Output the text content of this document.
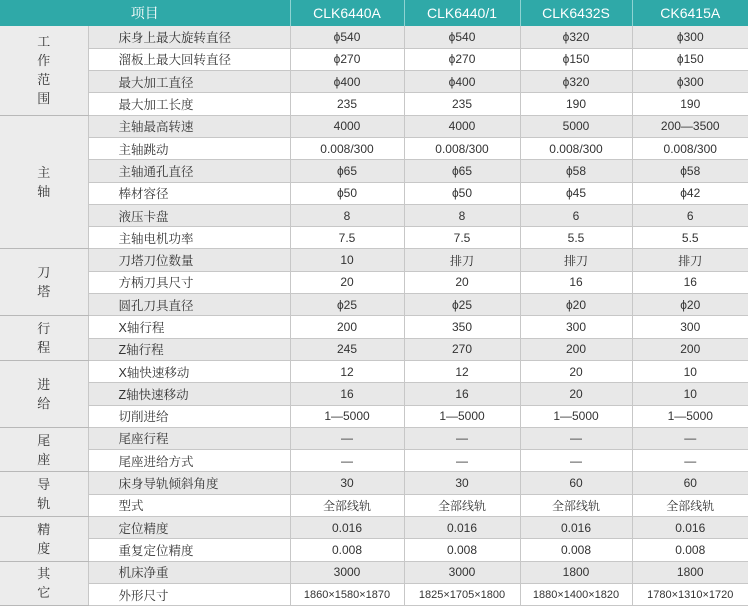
项目		CLK6440A	CLK6440/1	CLK6432S	CK6415A
工作范围	床身上最大旋转直径	ϕ540	ϕ540	ϕ320	ϕ300
	溜板上最大回转直径	ϕ270	ϕ270	ϕ150	ϕ150
	最大加工直径	ϕ400	ϕ400	ϕ320	ϕ300
	最大加工长度	235	235	190	190
主轴	主轴最高转速	4000	4000	5000	200—3500
	主轴跳动	0.008/300	0.008/300	0.008/300	0.008/300
	主轴通孔直径	ϕ65	ϕ65	ϕ58	ϕ58
	棒材容径	ϕ50	ϕ50	ϕ45	ϕ42
	液压卡盘	8	8	6	6
	主轴电机功率	7.5	7.5	5.5	5.5
刀塔	刀塔刀位数量	10	排刀	排刀	排刀
	方柄刀具尺寸	20	20	16	16
	圆孔刀具直径	ϕ25	ϕ25	ϕ20	ϕ20
行程	X轴行程	200	350	300	300
	Z轴行程	245	270	200	200
进给	X轴快速移动	12	12	20	10
	Z轴快速移动	16	16	20	10
	切削进给	1—5000	1—5000	1—5000	1—5000
尾座	尾座行程	—	—	—	—
	尾座进给方式	—	—	—	—
导轨	床身导轨倾斜角度	30	30	60	60
	型式	全部线轨	全部线轨	全部线轨	全部线轨
精度	定位精度	0.016	0.016	0.016	0.016
	重复定位精度	0.008	0.008	0.008	0.008
其它	机床净重	3000	3000	1800	1800
	外形尺寸	1860×1580×1870	1825×1705×1800	1880×1400×1820	1780×1310×1720
